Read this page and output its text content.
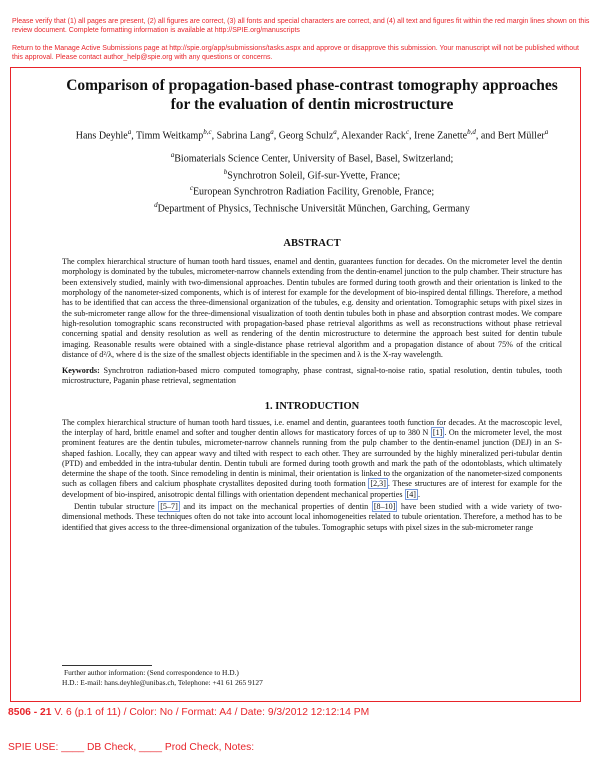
Please verify that (1) all pages are present, (2) all figures are correct, (3) all fonts and special characters are correct, and (4) all text and figures fit within the red margin lines shown on this review document. Complete formatting information is available at http://SPIE.org/manuscripts
Return to the Manage Active Submissions page at http://spie.org/app/submissions/tasks.aspx and approve or disapprove this submission. Your manuscript will not be published without this approval. Please contact author_help@spie.org with any questions or concerns.
Comparison of propagation-based phase-contrast tomography approaches for the evaluation of dentin microstructure
Hans Deyhle$^a$, Timm Weitkamp$^{b,c}$, Sabrina Lang$^a$, Georg Schulz$^a$, Alexander Rack$^c$, Irene Zanette$^{b,d}$, and Bert Müller$^a$
$^a$Biomaterials Science Center, University of Basel, Basel, Switzerland;
$^b$Synchrotron Soleil, Gif-sur-Yvette, France;
$^c$European Synchrotron Radiation Facility, Grenoble, France;
$^d$Department of Physics, Technische Universität München, Garching, Germany
ABSTRACT

The complex hierarchical structure of human tooth hard tissues, enamel and dentin, guarantees function for decades. On the micrometer level the dentin morphology is dominated by the tubules, micrometer-narrow channels extending from the dentin-enamel junction to the pulp chamber. Their structure has been extensively studied, mainly with two-dimensional approaches. Dentin tubules are formed during tooth growth and their orientation is linked to the morphology of the nanometer-sized components, which is of interest for example for the development of bio-inspired dental fillings. Therefore, a method has to be identified that can access the three-dimensional organization of the tubules, e.g. density and orientation. Tomographic setups with pixel sizes in the sub-micrometer range allow for the three-dimensional visualization of tooth dentin tubules both in phase and absorption contrast modes. We compare high-resolution tomographic scans reconstructed with propagation-based phase retrieval algorithms as well as reconstructions without phase retrieval concerning spatial and density resolution as well as rendering of the dentin microstructure to determine the approach best suited for dentin tubule imaging. Reasonable results were obtained with a single-distance phase retrieval algorithm and a propagation distance of about 75% of the critical distance of d²/λ, where d is the size of the smallest objects identifiable in the specimen and λ is the X-ray wavelength.

Keywords: Synchrotron radiation-based micro computed tomography, phase contrast, signal-to-noise ratio, spatial resolution, dentin tubules, tooth microstructure, Paganin phase retrieval, segmentation

1. INTRODUCTION

The complex hierarchical structure of human tooth hard tissues, i.e. enamel and dentin, guarantees tooth function for decades. At the macroscopic level, the interplay of hard, brittle enamel and softer and tougher dentin allows for masticatory forces of up to 380 N [1] . On the micrometer level, the most prominent features are the dentin tubules, micrometer-narrow channels running from the pulp chamber to the dentin-enamel junction (DEJ) in an S-shaped fashion. Locally, they can appear wavy and tilted with respect to each other. They are surrounded by the highly mineralized peri-tubular dentin (PTD) and embedded in the intra-tubular dentin. Dentin tubuli are formed during tooth growth and mark the path of the odontoblasts, which ultimately determine the shape of the tooth. Since remodeling in dentin is minimal, their orientation is linked to the organization of the nanometer-sized components such as collagen fibers and calcium phosphate crystallites deposited during tooth formation [2,3] . These structures are of interest for example for the development of bio-inspired, anisotropic dental fillings with orientation dependent mechanical properties [4] .

Dentin tubular structure [5–7] and its impact on the mechanical properties of dentin [8–10] have been studied with a wide variety of two-dimensional methods. These techniques often do not take into account local inhomogeneities related to tubule orientation. Therefore, a method has to be identified that gives access to the three-dimensional organization of the tubules. Tomographic setups with pixel sizes in the sub-micrometer range

Further author information: (Send correspondence to H.D.)
H.D.: E-mail: hans.deyhle@unibas.ch, Telephone: +41 61 265 9127
8506 - 21 V. 6 (p.1 of 11) / Color: No / Format: A4 / Date: 9/3/2012 12:12:14 PM
SPIE USE: ____ DB Check, ____ Prod Check, Notes:
